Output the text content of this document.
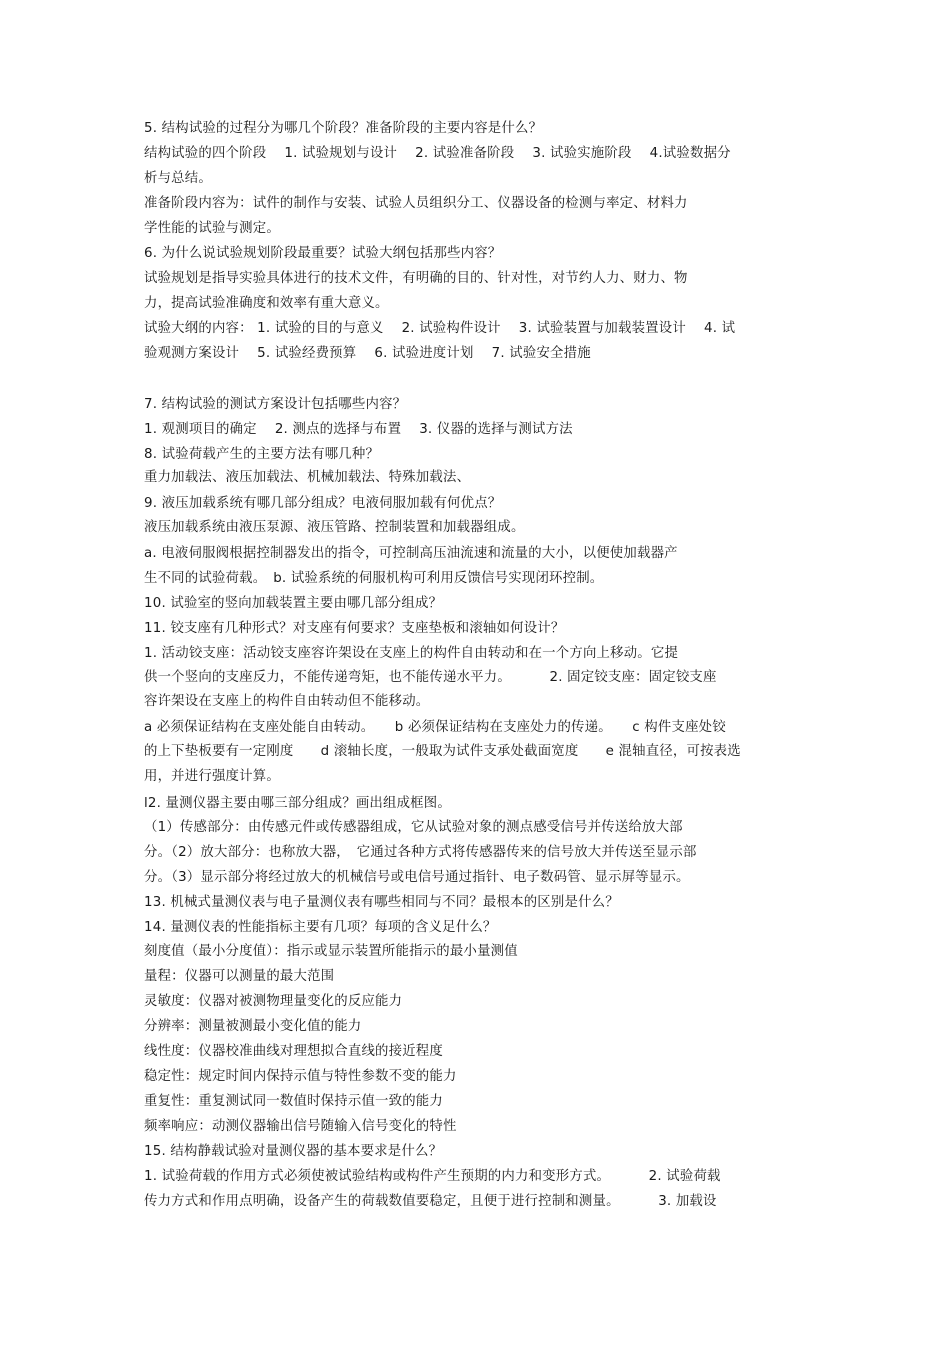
5. 结构试验的过程分为哪几个阶段？准备阶段的主要内容是什么？
结构试验的四个阶段　 1. 试验规划与设计　 2. 试验准备阶段　 3. 试验实施阶段　 4.试验数据分
析与总结。
准备阶段内容为：试件的制作与安装、试验人员组织分工、仪器设备的检测与率定、材料力
学性能的试验与测定。
6. 为什么说试验规划阶段最重要？试验大纲包括那些内容？
试验规划是指导实验具体进行的技术文件，有明确的目的、针对性，对节约人力、财力、物
力，提高试验准确度和效率有重大意义。
试验大纲的内容： 1. 试验的目的与意义　 2. 试验构件设计　 3. 试验装置与加载装置设计　 4. 试
验观测方案设计　 5. 试验经费预算　 6. 试验进度计划　 7. 试验安全措施
7. 结构试验的测试方案设计包括哪些内容？
1. 观测项目的确定　 2. 测点的选择与布置　 3. 仪器的选择与测试方法
8. 试验荷载产生的主要方法有哪几种？
重力加载法、液压加载法、机械加载法、特殊加载法、
9. 液压加载系统有哪几部分组成？电液伺服加载有何优点？
液压加载系统由液压泵源、液压管路、控制装置和加载器组成。
a. 电液伺服阀根据控制器发出的指令，可控制高压油流速和流量的大小，以便使加载器产
生不同的试验荷载。　b. 试验系统的伺服机构可利用反馈信号实现闭环控制。
10. 试验室的竖向加载装置主要由哪几部分组成？
11. 铰支座有几种形式？对支座有何要求？支座垫板和滚轴如何设计？
1. 活动铰支座：活动铰支座容许架设在支座上的构件自由转动和在一个方向上移动。它提
供一个竖向的支座反力，不能传递弯矩，也不能传递水平力。　　　 2. 固定铰支座：固定铰支座
容许架设在支座上的构件自由转动但不能移动。
a 必须保证结构在支座处能自由转动。　　b 必须保证结构在支座处力的传递。　　c 构件支座处铰
的上下垫板要有一定刚度　　d 滚轴长度，一般取为试件支承处截面宽度　　e 混轴直径，可按表选
用，并进行强度计算。
l2. 量测仪器主要由哪三部分组成？画出组成框图。
（1）传感部分：由传感元件或传感器组成，它从试验对象的测点感受信号并传送给放大部
分。（2）放大部分：也称放大器，　它通过各种方式将传感器传来的信号放大并传送至显示部
分。（3）显示部分将经过放大的机械信号或电信号通过指针、电子数码管、显示屏等显示。
13. 机械式量测仪表与电子量测仪表有哪些相同与不同？最根本的区别是什么？
14. 量测仪表的性能指标主要有几项？每项的含义足什么？
刻度值（最小分度值）：指示或显示装置所能指示的最小量测值
量程：仪器可以测量的最大范围
灵敏度：仪器对被测物理量变化的反应能力
分辨率：测量被测最小变化值的能力
线性度：仪器校准曲线对理想拟合直线的接近程度
稳定性：规定时间内保持示值与特性参数不变的能力
重复性：重复测试同一数值时保持示值一致的能力
频率响应：动测仪器输出信号随输入信号变化的特性
15. 结构静载试验对量测仪器的基本要求是什么？
1. 试验荷载的作用方式必须使被试验结构或构件产生预期的内力和变形方式。　　　 2. 试验荷载
传力方式和作用点明确，设备产生的荷载数值要稳定，且便于进行控制和测量。　　　 3. 加载设
